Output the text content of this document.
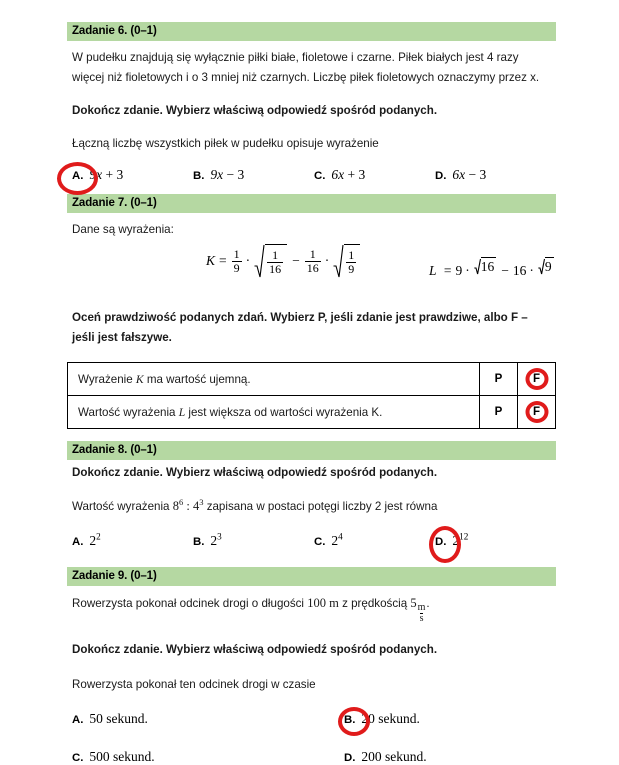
Zadanie 6. (0–1)
W pudełku znajdują się wyłącznie piłki białe, fioletowe i czarne. Piłek białych jest 4 razy
więcej niż fioletowych i o 3 mniej niż czarnych. Liczbę piłek fioletowych oznaczymy przez x.
Dokończ zdanie. Wybierz właściwą odpowiedź spośród podanych.
Łączną liczbę wszystkich piłek w pudełku opisuje wyrażenie
A. 9x + 3	B. 9x − 3	C. 6x + 3	D. 6x − 3
Zadanie 7. (0–1)
Dane są wyrażenia:
$K = \frac{1}{9} \cdot \frac{1}{16} - \frac{1}{16} \cdot \frac{1}{9}$	L = 9 · 16 − 16 · 9
Oceń prawdziwość podanych zdań. Wybierz P, jeśli zdanie jest prawdziwe, albo F –
jeśli jest fałszywe.
Wyrażenie K ma wartość ujemną.	P	F
Wartość wyrażenia L jest większa od wartości wyrażenia K.	P	F
Zadanie 8. (0–1)
Dokończ zdanie. Wybierz właściwą odpowiedź spośród podanych.
Wartość wyrażenia $8^6$ : $4^3$ zapisana w postaci potęgi liczby 2 jest równa
A. $2^2$	B. $2^3$	C. $2^4$	D. $2^{12}$
Zadanie 9. (0–1)
Rowerzysta pokonał odcinek drogi o długości 100 m z prędkością $5 \frac{m}{s}$ .
Dokończ zdanie. Wybierz właściwą odpowiedź spośród podanych.
Rowerzysta pokonał ten odcinek drogi w czasie
A. 50 sekund.	B. 20 sekund.
C. 500 sekund.	D. 200 sekund.
